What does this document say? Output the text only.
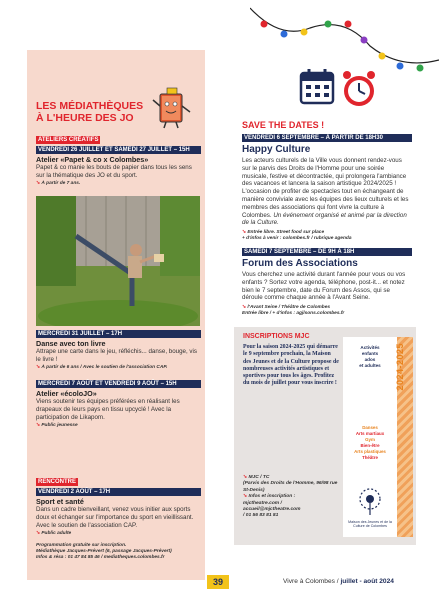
LES MÉDIATHÈQUES
À L'HEURE DES JO
ATELIERS CRÉATIFS
VENDREDI 26 JUILLET ET SAMEDI 27 JUILLET – 15H
Atelier «Papet & co x Colombes»
Papet & co manie les bouts de papier dans tous les sens sur la thématique des JO et du sport.
➘ À partir de 7 ans.
MERCREDI 31 JUILLET – 17H
Danse avec ton livre
Attrape une carte dans le jeu, réfléchis... danse, bouge, vis le livre !
➘ À partir de 6 ans / Avec le soutien de l'association CAP.
MERCREDI 7 AOÛT ET VENDREDI 9 AOÛT – 15H
Atelier «écoloJO»
Viens soutenir tes équipes préférées en réalisant les drapeaux de leurs pays en tissu upcyclé ! Avec la participation de Likapom.
➘ Public jeunesse
RENCONTRE
VENDREDI 2 AOÛT – 17H
Sport et santé
Dans un cadre bienveillant, venez vous initier aux sports doux et échanger sur l'importance du sport en vieillissant. Avec le soutien de l'association CAP.
➘ Public adulte
Programmation gratuite sur inscription.
Médiathèque Jacques-Prévert (6, passage Jacques-Prévert)
Infos & résa : 01 47 84 85 46 / mediatheques.colombes.fr
SAVE THE DATES !
VENDREDI 6 SEPTEMBRE – À PARTIR DE 18H30
Happy Culture
Les acteurs culturels de la Ville vous donnent rendez-vous sur le parvis des Droits de l'Homme pour une soirée musicale, festive et décontractée, qui prolongera l'ambiance des vacances et lancera la saison artistique 2024/2025 ! L'occasion de profiter de spectacles tout en échangeant de manière conviviale avec les équipes des lieux culturels et les membres des associations qui font vivre la culture à Colombes. Un événement organisé et animé par la direction de la Culture.
➘ Entrée libre. Street food sur place
+ d'infos à venir : colombes.fr / rubrique agenda
SAMEDI 7 SEPTEMBRE – DE 9H À 18H
Forum des Associations
Vous cherchez une activité durant l'année pour vous ou vos enfants ? Sortez votre agenda, téléphone, post-it... et notez bien le 7 septembre, date du Forum des Assos, qui se déroule comme chaque année à l'Avant Seine.
➘ l'Avant Seine / Théâtre de Colombes
Entrée libre / + d'infos : agjlsons.colombes.fr
INSCRIPTIONS MJC
Pour la saison 2024-2025 qui démarre le 9 septembre prochain, la Maison des Jeunes et de la Culture propose de nombreuses activités artistiques et sportives pour tous les âges. Profitez du mois de juillet pour vous inscrire !
➘ MJC / TC
(Parvis des Droits de l'Homme, 96/98 rue St-Denis)
➘ Infos et inscription :
mjctheatre.com /
accueil@mjctheatre.com
/ 01 56 83 81 81
2024-2025
Activités
enfants
ados
et adultes
Danses
Arts martiaux
Gym
Bien-être
Arts plastiques
Théâtre
Maison des Jeunes et de la Culture de Colombes
39	Vivre à Colombes / juillet - août 2024
